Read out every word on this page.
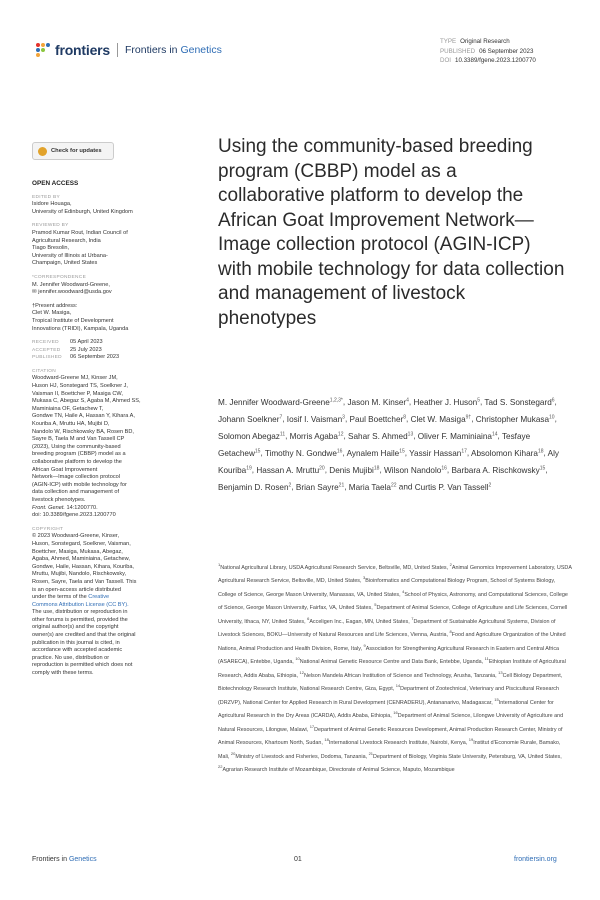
frontiers Frontiers in Genetics
TYPE Original Research
PUBLISHED 06 September 2023
DOI 10.3389/fgene.2023.1200770
Check for updates
OPEN ACCESS
EDITED BY
Isidore Houaga,
University of Edinburgh, United Kingdom
REVIEWED BY
Pramod Kumar Rout, Indian Council of
Agricultural Research, India
Tiago Bresolin,
University of Illinois at Urbana-
Champaign, United States
*CORRESPONDENCE
M. Jennifer Woodward-Greene,
✉ jennifer.woodward@usda.gov
†Present address:
Clet W. Masiga,
Tropical Institute of Development
Innovations (TRIDI), Kampala, Uganda
RECEIVED	05 April 2023
ACCEPTED	25 July 2023
PUBLISHED	06 September 2023
CITATION
Woodward-Greene MJ, Kinser JM,
Huson HJ, Sonstegard TS, Soelkner J,
Vaisman II, Boettcher P, Masiga CW,
Mukasa C, Abegaz S, Agaba M, Ahmed SS,
Maminiaina OF, Getachew T,
Gondwe TN, Haile A, Hassan Y, Kihara A,
Kouriba A, Mruttu HA, Mujibi D,
Nandolo W, Rischkowsky BA, Rosen BD,
Sayre B, Taela M and Van Tassell CP
(2023), Using the community-based
breeding program (CBBP) model as a
collaborative platform to develop the
African Goat Improvement
Network—Image collection protocol
(AGIN-ICP) with mobile technology for
data collection and management of
livestock phenotypes.
Front. Genet. 14:1200770.
doi: 10.3389/fgene.2023.1200770
COPYRIGHT
© 2023 Woodward-Greene, Kinser,
Huson, Sonstegard, Soelkner, Vaisman,
Boettcher, Masiga, Mukasa, Abegaz,
Agaba, Ahmed, Maminiaina, Getachew,
Gondwe, Haile, Hassan, Kihara, Kouriba,
Mruttu, Mujibi, Nandolo, Rischkowsky,
Rosen, Sayre, Taela and Van Tassell. This
is an open-access article distributed
under the terms of the Creative
Commons Attribution License (CC BY).
The use, distribution or reproduction in
other forums is permitted, provided the
original author(s) and the copyright
owner(s) are credited and that the original
publication in this journal is cited, in
accordance with accepted academic
practice. No use, distribution or
reproduction is permitted which does not
comply with these terms.
Using the community-based breeding program (CBBP) model as a collaborative platform to develop the African Goat Improvement Network—Image collection protocol (AGIN-ICP) with mobile technology for data collection and management of livestock phenotypes
M. Jennifer Woodward-Greene$^{1,2,3*}$, Jason M. Kinser$^4$, Heather J. Huson$^5$, Tad S. Sonstegard$^6$, Johann Soelkner$^7$, Iosif I. Vaisman$^3$, Paul Boettcher$^8$, Clet W. Masiga$^{9\dagger}$, Christopher Mukasa$^{10}$, Solomon Abegaz$^{11}$, Morris Agaba$^{12}$, Sahar S. Ahmed$^{13}$, Oliver F. Maminiaina$^{14}$, Tesfaye Getachew$^{15}$, Timothy N. Gondwe$^{16}$, Aynalem Haile$^{15}$, Yassir Hassan$^{17}$, Absolomon Kihara$^{18}$, Aly Kouriba$^{19}$, Hassan A. Mruttu$^{20}$, Denis Mujibi$^{18}$, Wilson Nandolo$^{16}$, Barbara A. Rischkowsky$^{15}$, Benjamin D. Rosen$^2$, Brian Sayre$^{21}$, Maria Taela$^{22}$ and Curtis P. Van Tassell$^2$
$^1$National Agricultural Library, USDA Agricultural Research Service, Beltsville, MD, United States, $^2$Animal Genomics Improvement Laboratory, USDA Agricultural Research Service, Beltsville, MD, United States, $^3$Bioinformatics and Computational Biology Program, School of Systems Biology, College of Science, George Mason University, Manassas, VA, United States, $^4$School of Physics, Astronomy, and Computational Sciences, College of Science, George Mason University, Fairfax, VA, United States, $^5$Department of Animal Science, College of Agriculture and Life Sciences, Cornell University, Ithaca, NY, United States, $^6$Acceligen Inc., Eagan, MN, United States, $^7$Department of Sustainable Agricultural Systems, Division of Livestock Sciences, BOKU—University of Natural Resources and Life Sciences, Vienna, Austria, $^8$Food and Agriculture Organization of the United Nations, Animal Production and Health Division, Rome, Italy, $^9$Association for Strengthening Agricultural Research in Eastern and Central Africa (ASARECA), Entebbe, Uganda, $^{10}$National Animal Genetic Resource Centre and Data Bank, Entebbe, Uganda, $^{11}$Ethiopian Institute of Agricultural Research, Addis Ababa, Ethiopia, $^{12}$Nelson Mandela African Institution of Science and Technology, Arusha, Tanzania, $^{13}$Cell Biology Department, Biotechnology Research Institute, National Research Centre, Giza, Egypt, $^{14}$Department of Zootechnical, Veterinary and Piscicultural Research (DRZVP), National Center for Applied Research in Rural Development (CENRADERU), Antananarivo, Madagascar, $^{15}$International Center for Agricultural Research in the Dry Areas (ICARDA), Addis Ababa, Ethiopia, $^{16}$Department of Animal Science, Lilongwe University of Agriculture and Natural Resources, Lilongwe, Malawi, $^{17}$Department of Animal Genetic Resources Development, Animal Production Research Center, Ministry of Animal Resources, Khartoum North, Sudan, $^{18}$International Livestock Research Institute, Nairobi, Kenya, $^{19}$Institut d’Economie Rurale, Bamako, Mali, $^{20}$Ministry of Livestock and Fisheries, Dodoma, Tanzania, $^{21}$Department of Biology, Virginia State University, Petersburg, VA, United States, $^{22}$Agrarian Research Institute of Mozambique, Directorate of Animal Science, Maputo, Mozambique
Frontiers in Genetics	01	frontiersin.org
